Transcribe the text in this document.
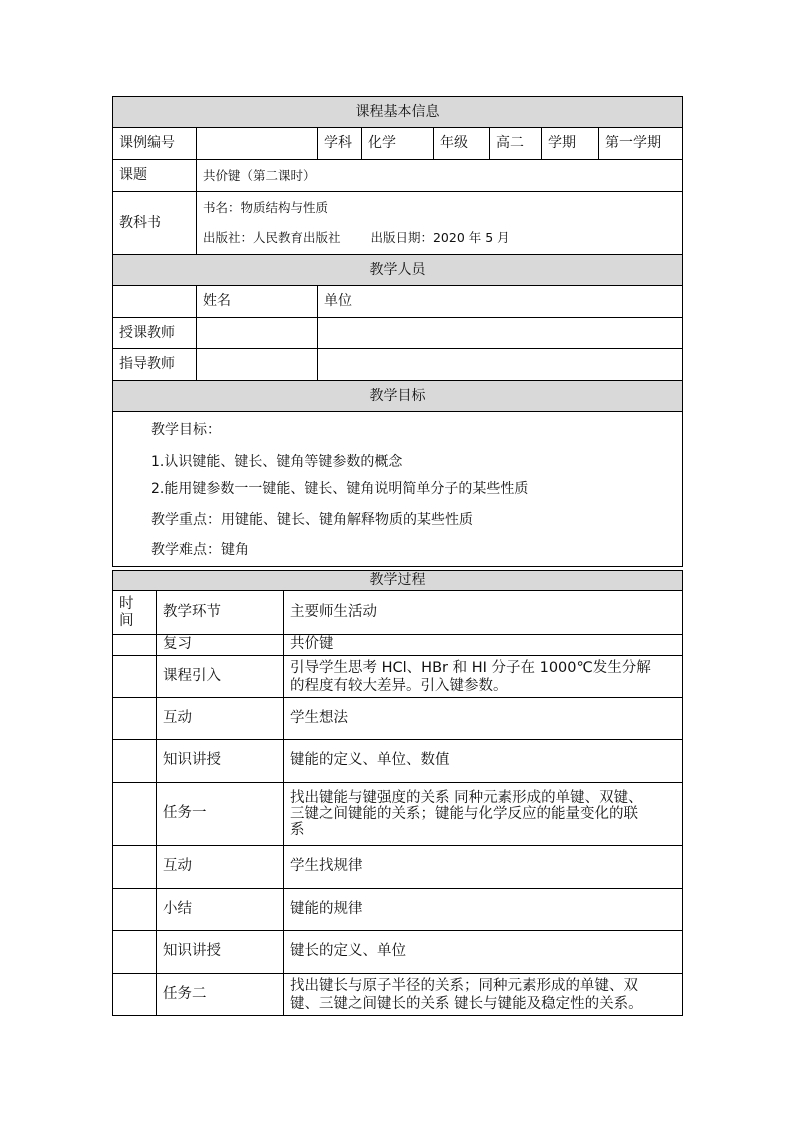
课程基本信息							
课例编号		学科	化学	年级	高二	学期	第一学期
课题	共价键（第二课时）						
教科书	书名：物质结构与性质
出版社：人民教育出版社 出版日期：2020 年 5 月						

教学人员							
	姓名	单位					
授课教师							
指导教师							
教学目标							

教学目标：
1.认识键能、键长、键角等键参数的概念
2.能用键参数一一键能、键长、键角说明简单分子的某些性质
教学重点：用键能、键长、键角解释物质的某些性质
教学难点：键角							
教学过程		
时
间	教学环节	主要师生活动
	复习	共价键
	课程引入	引导学生思考 HCl、HBr 和 HI 分子在 1000℃发生分解
的程度有较大差异。引入键参数。
	互动	学生想法
	知识讲授	键能的定义、单位、数值
	任务一	找出键能与键强度的关系 同种元素形成的单键、双键、
三键之间键能的关系；键能与化学反应的能量变化的联
系
	互动	学生找规律
	小结	键能的规律
	知识讲授	键长的定义、单位
	任务二	找出键长与原子半径的关系；同种元素形成的单键、双
键、三键之间键长的关系 键长与键能及稳定性的关系。
